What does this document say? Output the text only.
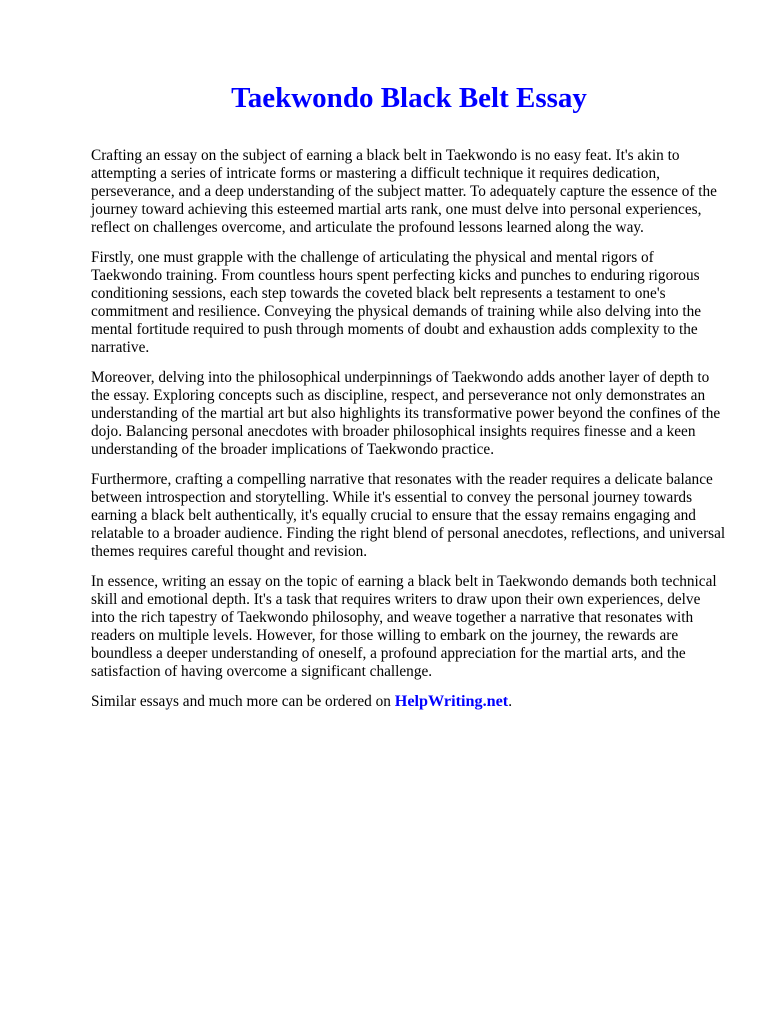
Taekwondo Black Belt Essay

Crafting an essay on the subject of earning a black belt in Taekwondo is no easy feat. It's akin to attempting a series of intricate forms or mastering a difficult technique it requires dedication, perseverance, and a deep understanding of the subject matter. To adequately capture the essence of the journey toward achieving this esteemed martial arts rank, one must delve into personal experiences, reflect on challenges overcome, and articulate the profound lessons learned along the way.

Firstly, one must grapple with the challenge of articulating the physical and mental rigors of Taekwondo training. From countless hours spent perfecting kicks and punches to enduring rigorous conditioning sessions, each step towards the coveted black belt represents a testament to one's commitment and resilience. Conveying the physical demands of training while also delving into the mental fortitude required to push through moments of doubt and exhaustion adds complexity to the narrative.

Moreover, delving into the philosophical underpinnings of Taekwondo adds another layer of depth to the essay. Exploring concepts such as discipline, respect, and perseverance not only demonstrates an understanding of the martial art but also highlights its transformative power beyond the confines of the dojo. Balancing personal anecdotes with broader philosophical insights requires finesse and a keen understanding of the broader implications of Taekwondo practice.

Furthermore, crafting a compelling narrative that resonates with the reader requires a delicate balance between introspection and storytelling. While it's essential to convey the personal journey towards earning a black belt authentically, it's equally crucial to ensure that the essay remains engaging and relatable to a broader audience. Finding the right blend of personal anecdotes, reflections, and universal themes requires careful thought and revision.

In essence, writing an essay on the topic of earning a black belt in Taekwondo demands both technical skill and emotional depth. It's a task that requires writers to draw upon their own experiences, delve into the rich tapestry of Taekwondo philosophy, and weave together a narrative that resonates with readers on multiple levels. However, for those willing to embark on the journey, the rewards are boundless a deeper understanding of oneself, a profound appreciation for the martial arts, and the satisfaction of having overcome a significant challenge.

Similar essays and much more can be ordered on HelpWriting.net.
